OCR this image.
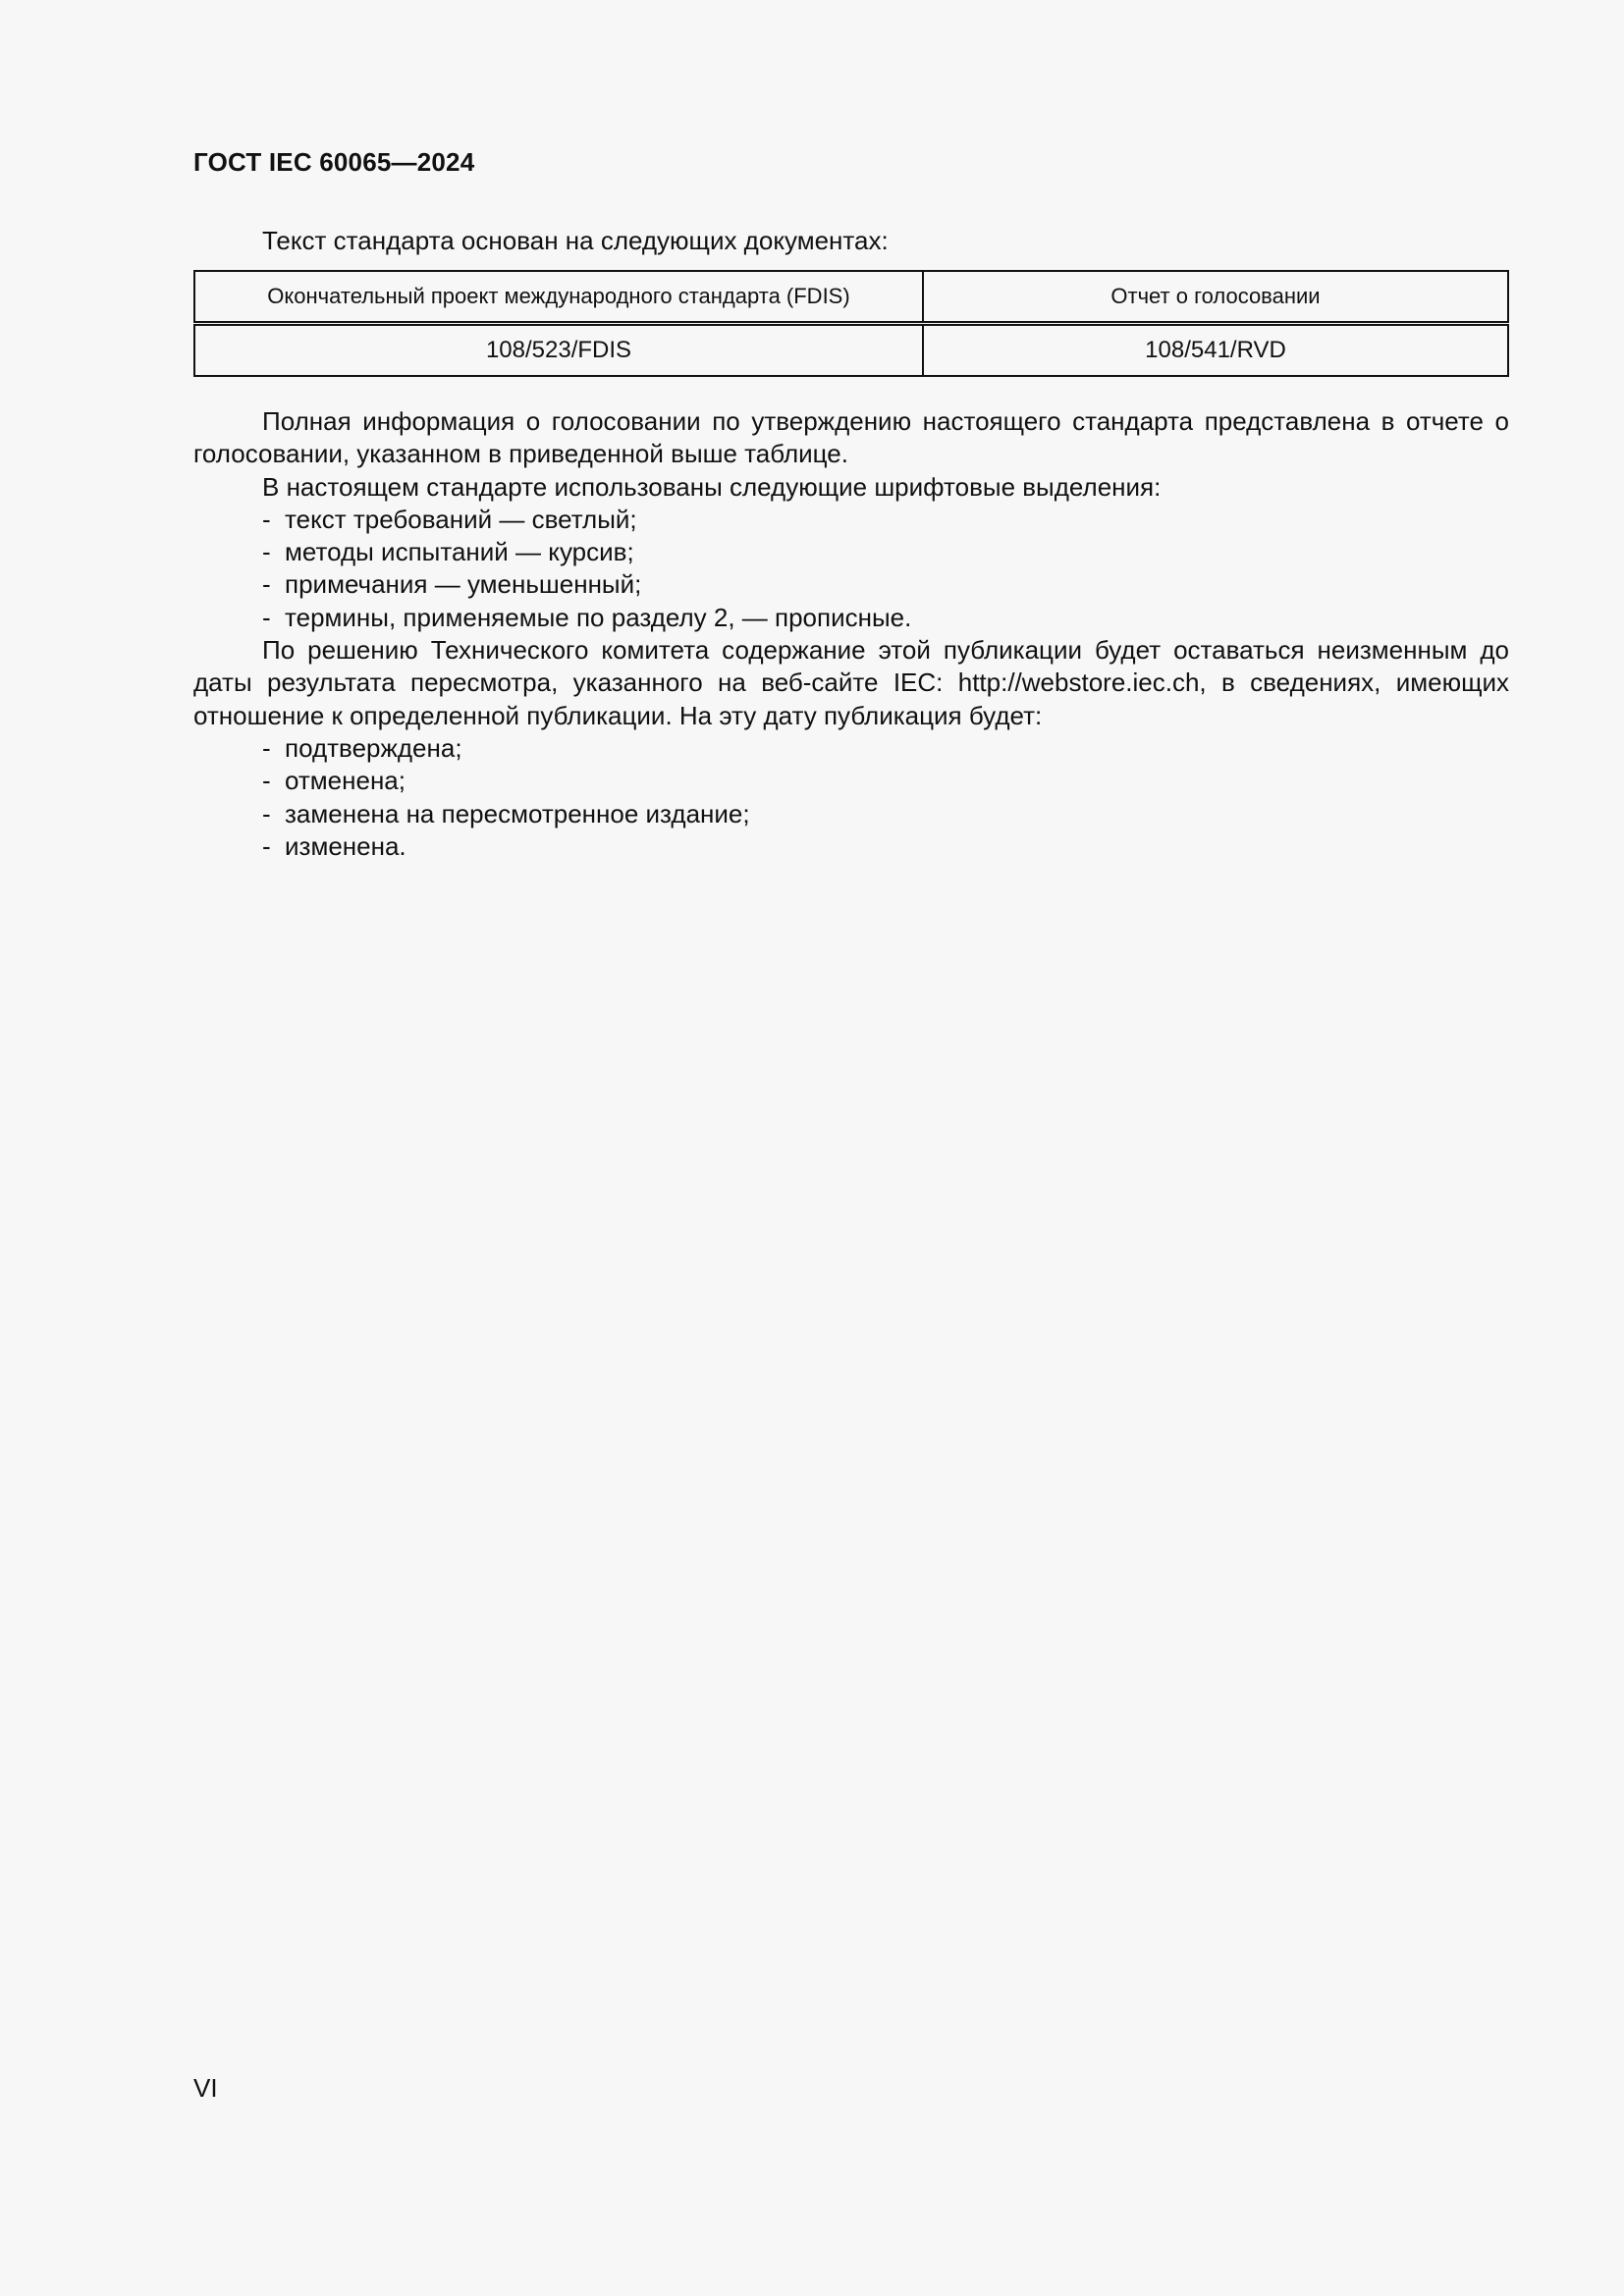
ГОСТ IEC 60065—2024
Текст стандарта основан на следующих документах:
Окончательный проект международного стандарта (FDIS)	Отчет о голосовании
108/523/FDIS	108/541/RVD

Полная информация о голосовании по утверждению настоящего стандарта представлена в отчете о голосовании, указанном в приведенной выше таблице.

В настоящем стандарте использованы следующие шрифтовые выделения:

- текст требований — светлый;
- методы испытаний — курсив;
- примечания — уменьшенный;
- термины, применяемые по разделу 2, — прописные.

По решению Технического комитета содержание этой публикации будет оставаться неизменным до даты результата пересмотра, указанного на веб-сайте IEC: http://webstore.iec.ch, в сведениях, имеющих отношение к определенной публикации. На эту дату публикация будет:

- подтверждена;
- отменена;
- заменена на пересмотренное издание;
- изменена.
VI
